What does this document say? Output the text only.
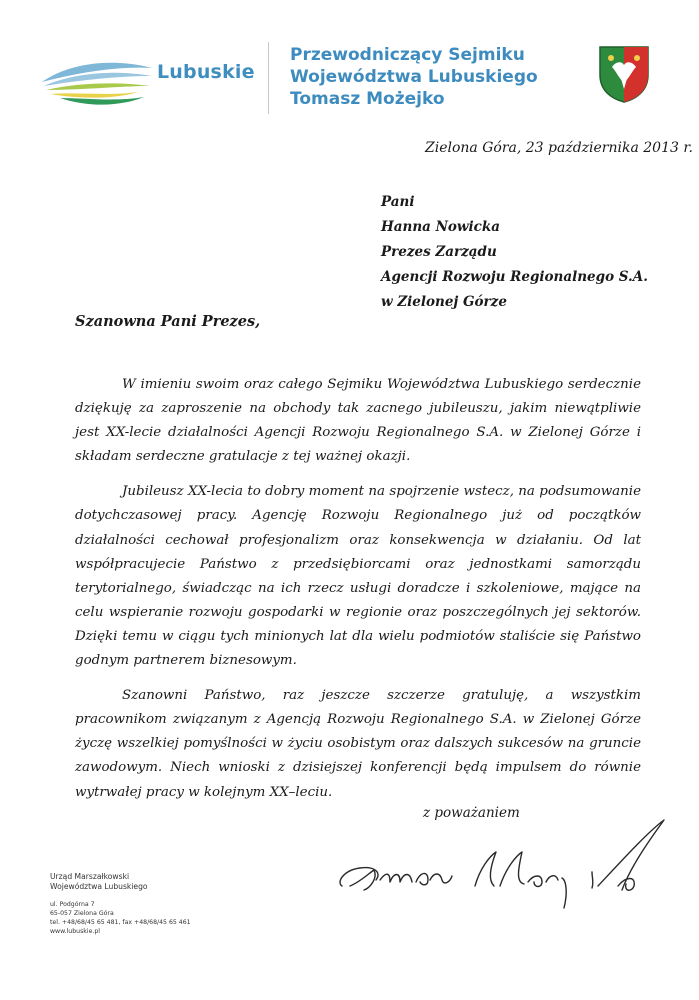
Lubuskie
Przewodniczący Sejmiku
Województwa Lubuskiego
Tomasz Możejko
Zielona Góra, 23 października 2013 r.
Pani
Hanna Nowicka
Prezes Zarządu
Agencji Rozwoju Regionalnego S.A.
w Zielonej Górze
Szanowna Pani Prezes,

W imieniu swoim oraz całego Sejmiku Województwa Lubuskiego serdecznie dziękuję za zaproszenie na obchody tak zacnego jubileuszu, jakim niewątpliwie jest XX-lecie działalności Agencji Rozwoju Regionalnego S.A. w Zielonej Górze i składam serdeczne gratulacje z tej ważnej okazji.

Jubileusz XX-lecia to dobry moment na spojrzenie wstecz, na podsumowanie dotychczasowej pracy. Agencję Rozwoju Regionalnego już od początków działalności cechował profesjonalizm oraz konsekwencja w działaniu. Od lat współpracujecie Państwo z przedsiębiorcami oraz jednostkami samorządu terytorialnego, świadcząc na ich rzecz usługi doradcze i szkoleniowe, mające na celu wspieranie rozwoju gospodarki w regionie oraz poszczególnych jej sektorów. Dzięki temu w ciągu tych minionych lat dla wielu podmiotów staliście się Państwo godnym partnerem biznesowym.

Szanowni Państwo, raz jeszcze szczerze gratuluję, a wszystkim pracownikom związanym z Agencją Rozwoju Regionalnego S.A. w Zielonej Górze życzę wszelkiej pomyślności w życiu osobistym oraz dalszych sukcesów na gruncie zawodowym. Niech wnioski z dzisiejszej konferencji będą impulsem do równie wytrwałej pracy w kolejnym XX–leciu.

z poważaniem
Urząd Marszałkowski
Województwa Lubuskiego
ul. Podgórna 7
65-057 Zielona Góra
tel. +48/68/45 65 481, fax +48/68/45 65 461
www.lubuskie.pl
